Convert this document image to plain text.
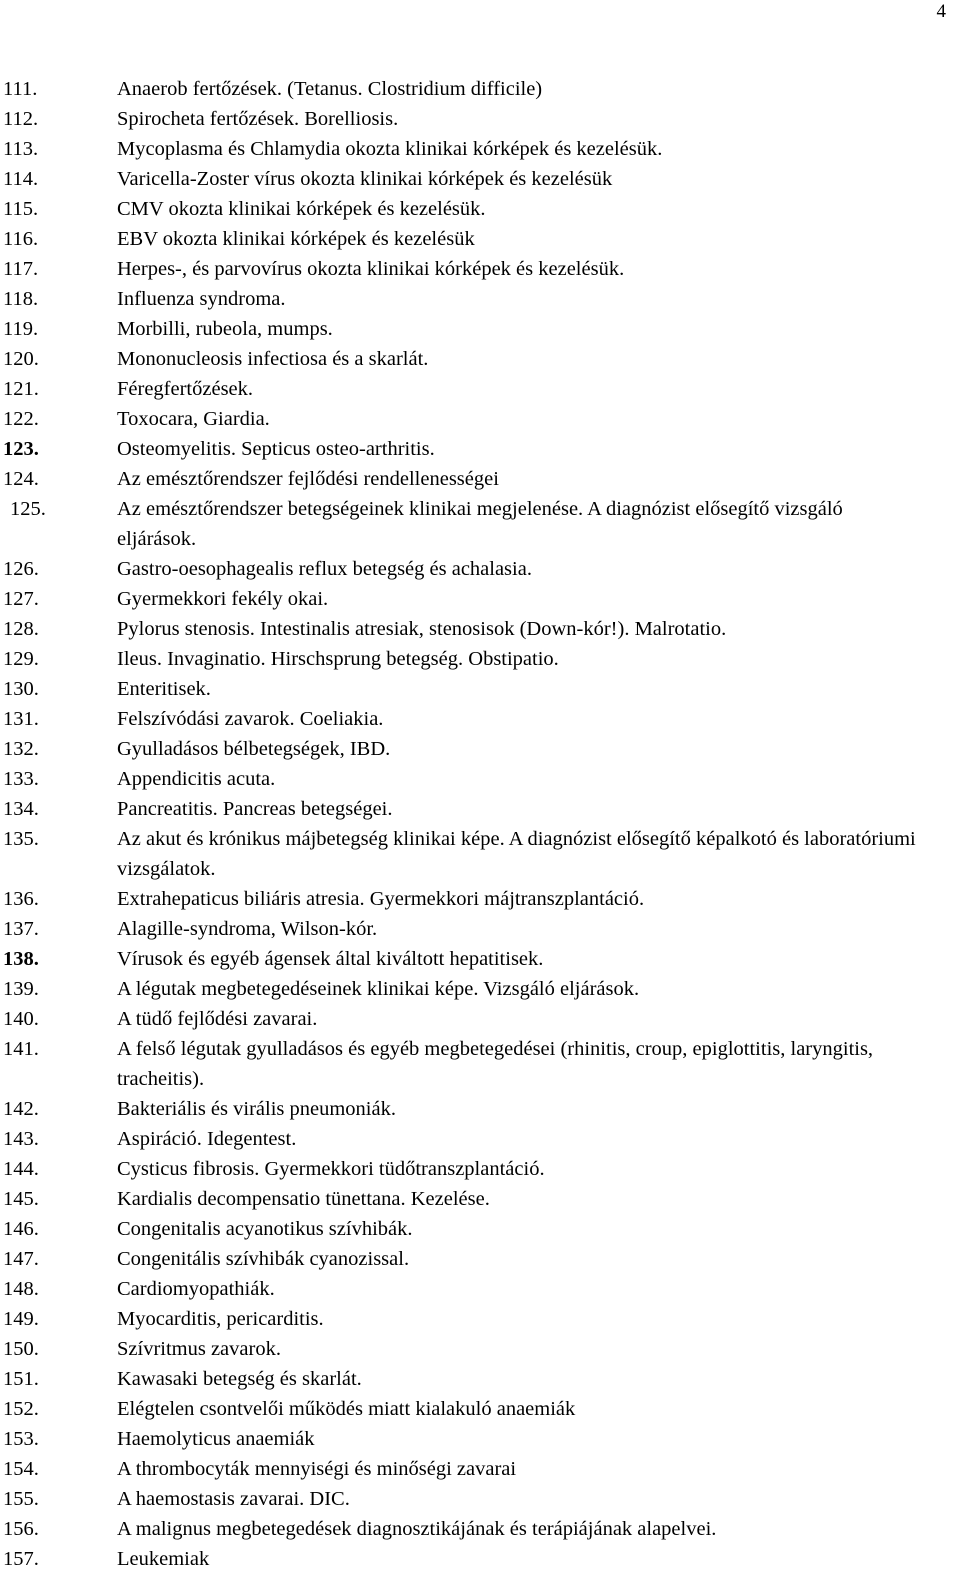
4
111.	Anaerob fertőzések. (Tetanus. Clostridium difficile)
112.	Spirocheta fertőzések. Borelliosis.
113.	Mycoplasma és Chlamydia okozta klinikai kórképek és kezelésük.
114.	Varicella-Zoster vírus okozta klinikai kórképek és kezelésük
115.	CMV okozta klinikai kórképek és kezelésük.
116.	EBV okozta klinikai kórképek és kezelésük
117.	Herpes-, és parvovírus okozta klinikai kórképek és kezelésük.
118.	Influenza syndroma.
119.	Morbilli, rubeola, mumps.
120.	Mononucleosis infectiosa és a skarlát.
121.	Féregfertőzések.
122.	Toxocara, Giardia.
123.	Osteomyelitis. Septicus osteo-arthritis.
124.	Az emésztőrendszer fejlődési rendellenességei
125.	Az emésztőrendszer betegségeinek klinikai megjelenése. A diagnózist elősegítő vizsgáló eljárások.
126.	Gastro-oesophagealis reflux betegség és achalasia.
127.	Gyermekkori fekély okai.
128.	Pylorus stenosis. Intestinalis atresiak, stenosisok (Down-kór!). Malrotatio.
129.	Ileus. Invaginatio. Hirschsprung betegség. Obstipatio.
130.	Enteritisek.
131.	Felszívódási zavarok. Coeliakia.
132.	Gyulladásos bélbetegségek, IBD.
133.	Appendicitis acuta.
134.	Pancreatitis. Pancreas betegségei.
135.	Az akut és krónikus májbetegség klinikai képe. A diagnózist elősegítő képalkotó és laboratóriumi vizsgálatok.
136.	Extrahepaticus biliáris atresia. Gyermekkori májtranszplantáció.
137.	Alagille-syndroma, Wilson-kór.
138.	Vírusok és egyéb ágensek által kiváltott hepatitisek.
139.	A légutak megbetegedéseinek klinikai képe. Vizsgáló eljárások.
140.	A tüdő fejlődési zavarai.
141.	A felső légutak gyulladásos és egyéb megbetegedései (rhinitis, croup, epiglottitis, laryngitis, tracheitis).
142.	Bakteriális és virális pneumoniák.
143.	Aspiráció. Idegentest.
144.	Cysticus fibrosis. Gyermekkori tüdőtranszplantáció.
145.	Kardialis decompensatio tünettana. Kezelése.
146.	Congenitalis acyanotikus szívhibák.
147.	Congenitális szívhibák cyanozissal.
148.	Cardiomyopathiák.
149.	Myocarditis, pericarditis.
150.	Szívritmus zavarok.
151.	Kawasaki betegség és skarlát.
152.	Elégtelen csontvelői működés miatt kialakuló anaemiák
153.	Haemolyticus anaemiák
154.	A thrombocyták mennyiségi és minőségi zavarai
155.	A haemostasis zavarai. DIC.
156.	A malignus megbetegedések diagnosztikájának és terápiájának alapelvei.
157.	Leukemiak
